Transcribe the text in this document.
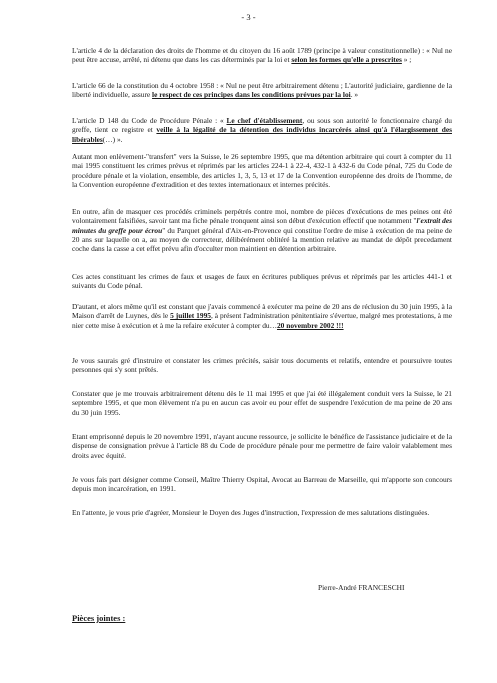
- 3 -

L'article 4 de la déclaration des droits de l'homme et du citoyen du 16 août 1789 (principe à valeur constitutionnelle) : « Nul ne peut être accuse, arrêté, ni détenu que dans les cas déterminés par la loi et selon les formes qu'elle a prescrites » ;

L'article 66 de la constitution du 4 octobre 1958 : « Nul ne peut être arbitrairement détenu ; L'autorité judiciaire, gardienne de la liberté individuelle, assure le respect de ces principes dans les conditions prévues par la loi. »

L'article D 148 du Code de Procédure Pénale : « Le chef d'établissement, ou sous son autorité le fonctionnaire chargé du greffe, tient ce registre et veille à la légalité de la détention des individus incarcérés ainsi qu'à l'élargissement des libérables(…) ».

Autant mon enlèvement-"transfert" vers la Suisse, le 26 septembre 1995, que ma détention arbitraire qui court à compter du 11 mai 1995 constituent les crimes prévus et réprimés par les articles 224-1 à 22-4, 432-1 à 432-6 du Code pénal, 725 du Code de procédure pénale et la violation, ensemble, des articles 1, 3, 5, 13 et 17 de la Convention européenne des droits de l'homme, de la Convention européenne d'extradition et des textes internationaux et internes précités.

En outre, afin de masquer ces procédés criminels perpétrés contre moi, nombre de pièces d'exécutions de mes peines ont été volontairement falsifiées, savoir tant ma fiche pénale tronquent ainsi son début d'exécution effectif que notamment "l'extrait des minutes du greffe pour écrou" du Parquet général d'Aix-en-Provence qui constitue l'ordre de mise à exécution de ma peine de 20 ans sur laquelle on a, au moyen de correcteur, délibérément oblitéré la mention relative au mandat de dépôt precedament coche dans la casse a cet effet prévu afin d'occulter mon maintient en détention arbitraire.

Ces actes constituant les crimes de faux et usages de faux en écritures publiques prévus et réprimés par les articles 441-1 et suivants du Code pénal.

D'autant, et alors même qu'il est constant que j'avais commencé à exécuter ma peine de 20 ans de réclusion du 30 juin 1995, à la Maison d'arrêt de Luynes, dès le 5 juillet 1995, à présent l'administration pénitentiaire s'évertue, malgré mes protestations, à me nier cette mise à exécution et à me la refaire exécuter à compter du…20 novembre 2002 !!!

Je vous saurais gré d'instruire et constater les crimes précités, saisir tous documents et relatifs, entendre et poursuivre toutes personnes qui s'y sont prêtés.

Constater que je me trouvais arbitrairement détenu dès le 11 mai 1995 et que j'ai été illégalement conduit vers la Suisse, le 21 septembre 1995, et que mon élèvement n'a pu en aucun cas avoir eu pour effet de suspendre l'exécution de ma peine de 20 ans du 30 juin 1995.

Etant emprisonné depuis le 20 novembre 1991, n'ayant aucune ressource, je sollicite le bénéfice de l'assistance judiciaire et de la dispense de consignation prévue à l'article 88 du Code de procédure pénale pour me permettre de faire valoir valablement mes droits avec équité.

Je vous fais part désigner comme Conseil, Maître Thierry Ospital, Avocat au Barreau de Marseille, qui m'apporte son concours depuis mon incarcération, en 1991.

En l'attente, je vous prie d'agréer, Monsieur le Doyen des Juges d'instruction, l'expression de mes salutations distinguées.

Pierre-André FRANCESCHI
Pièces jointes :
